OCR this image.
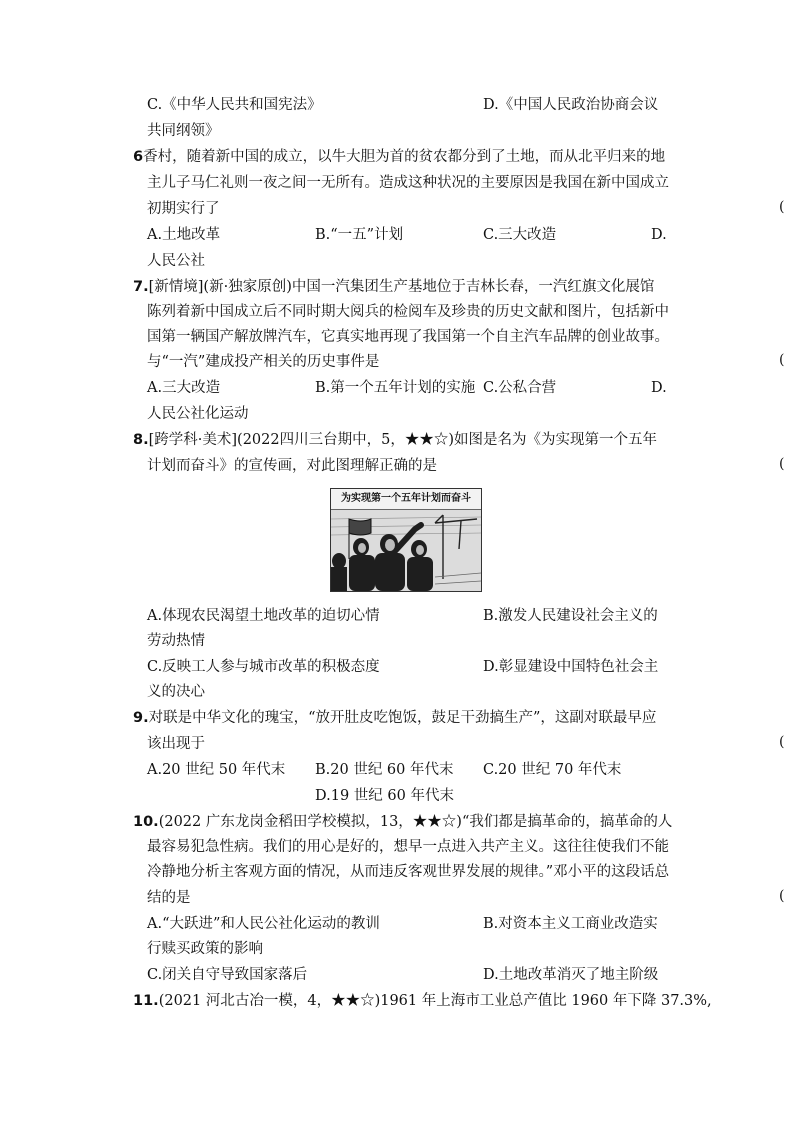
C.《中华人民共和国宪法》	D.《中国人民政治协商会议
共同纲领》
6香村，随着新中国的成立，以牛大胆为首的贫农都分到了土地，而从北平归来的地
主儿子马仁礼则一夜之间一无所有。造成这种状况的主要原因是我国在新中国成立
初期实行了	(
A.土地改革	B.“一五”计划	C.三大改造	D.
人民公社
7.[新情境](新·独家原创)中国一汽集团生产基地位于吉林长春，一汽红旗文化展馆
陈列着新中国成立后不同时期大阅兵的检阅车及珍贵的历史文献和图片，包括新中
国第一辆国产解放牌汽车，它真实地再现了我国第一个自主汽车品牌的创业故事。
与“一汽”建成投产相关的历史事件是	(
A.三大改造	B.第一个五年计划的实施 C.公私合营	D.
人民公社化运动
8.[跨学科·美术](2022四川三台期中，5，★★☆)如图是名为《为实现第一个五年
计划而奋斗》的宣传画，对此图理解正确的是	(
为实现第一个五年计划而奋斗
A.体现农民渴望土地改革的迫切心情	B.激发人民建设社会主义的
劳动热情
C.反映工人参与城市改革的积极态度	D.彰显建设中国特色社会主
义的决心
9.对联是中华文化的瑰宝，“放开肚皮吃饱饭，鼓足干劲搞生产”，这副对联最早应
该出现于	(
A.20 世纪 50 年代末 B.20 世纪 60 年代末 C.20 世纪 70 年代末
D.19 世纪 60 年代末
10.(2022 广东龙岗金稻田学校模拟，13，★★☆)“我们都是搞革命的，搞革命的人
最容易犯急性病。我们的用心是好的，想早一点进入共产主义。这往往使我们不能
冷静地分析主客观方面的情况，从而违反客观世界发展的规律。”邓小平的这段话总
结的是	(
A.“大跃进”和人民公社化运动的教训	B.对资本主义工商业改造实
行赎买政策的影响
C.闭关自守导致国家落后	D.土地改革消灭了地主阶级
11.(2021 河北古冶一模，4，★★☆)1961 年上海市工业总产值比 1960 年下降 37.3%,
